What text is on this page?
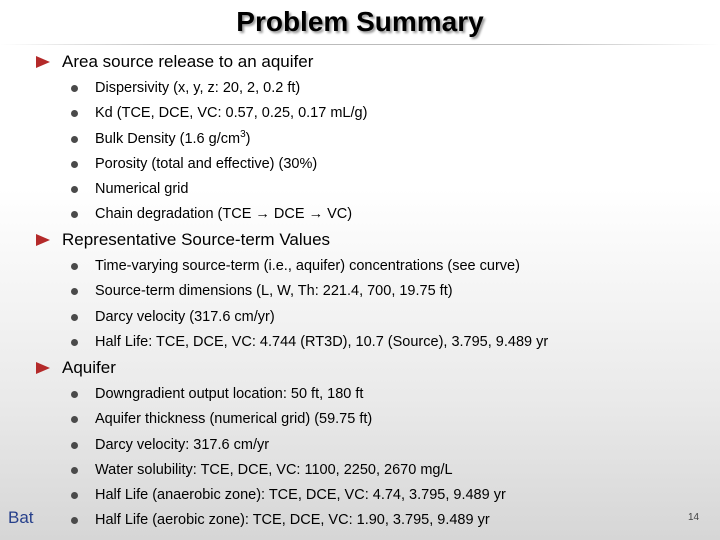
Problem Summary
Area source release to an aquifer
Dispersivity (x, y, z: 20, 2, 0.2 ft)
Kd (TCE, DCE, VC: 0.57, 0.25, 0.17 mL/g)
Bulk Density (1.6 $g/cm^3$)
Porosity (total and effective) (30%)
Numerical grid
Chain degradation (TCE → DCE → VC)
Representative Source-term Values
Time-varying source-term (i.e., aquifer) concentrations (see curve)
Source-term dimensions (L, W, Th: 221.4, 700, 19.75 ft)
Darcy velocity (317.6 cm/yr)
Half Life: TCE, DCE, VC: 4.744 (RT3D), 10.7 (Source), 3.795, 9.489 yr
Aquifer
Downgradient output location: 50 ft, 180 ft
Aquifer thickness (numerical grid) (59.75 ft)
Darcy velocity: 317.6 cm/yr
Water solubility: TCE, DCE, VC: 1100, 2250, 2670 mg/L
Half Life (anaerobic zone): TCE, DCE, VC: 4.74, 3.795, 9.489 yr
Half Life (aerobic zone): TCE, DCE, VC: 1.90, 3.795, 9.489 yr
Bat	14
